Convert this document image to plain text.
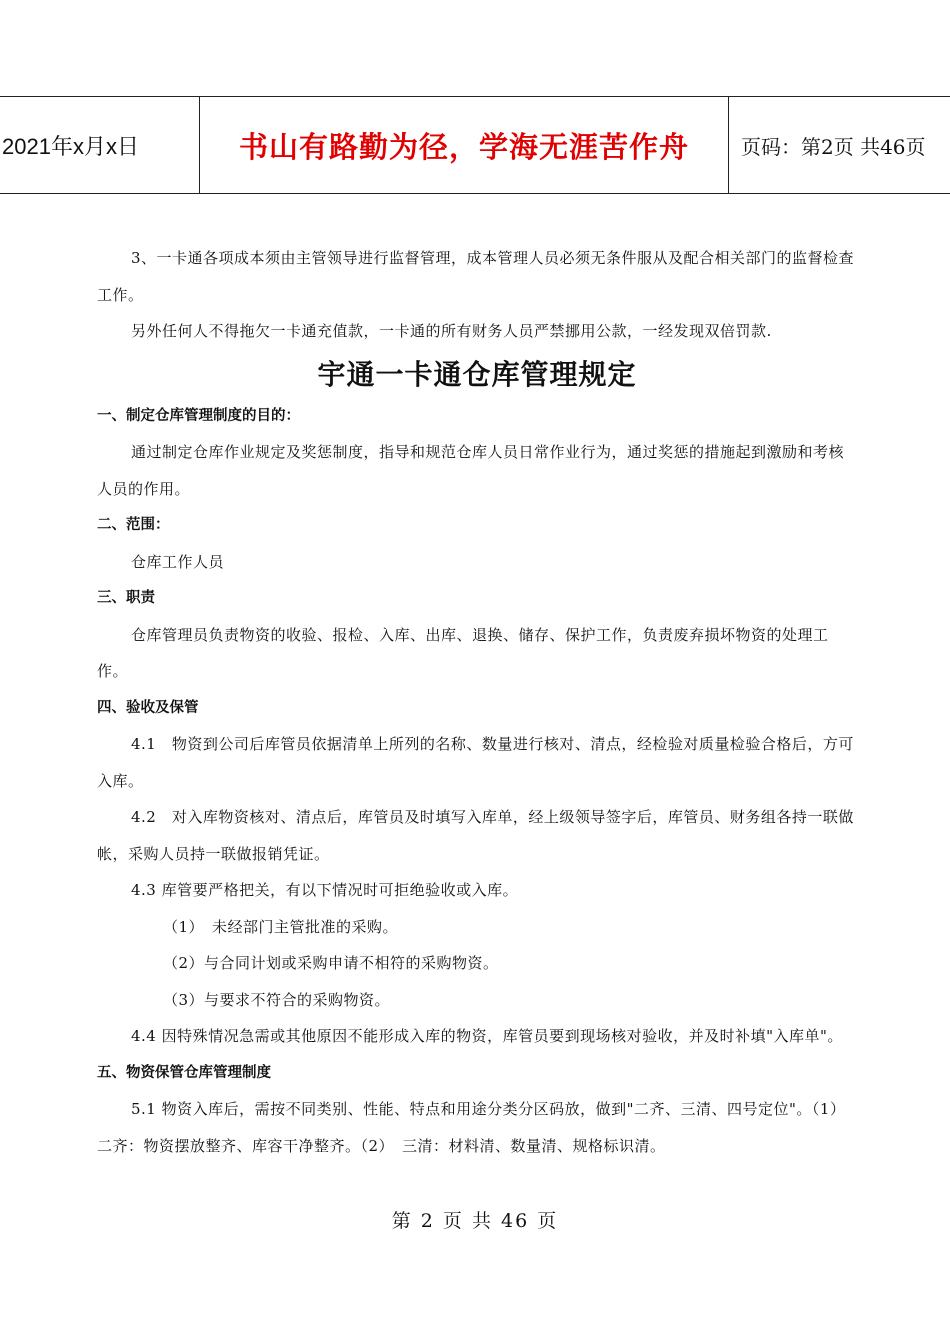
2021年x月x日	书山有路勤为径，学海无涯苦作舟	页码：第2页 共46页

3、一卡通各项成本须由主管领导进行监督管理，成本管理人员必须无条件服从及配合相关部门的监督检查工作。

另外任何人不得拖欠一卡通充值款，一卡通的所有财务人员严禁挪用公款，一经发现双倍罚款.

宇通一卡通仓库管理规定
一、制定仓库管理制度的目的：

通过制定仓库作业规定及奖惩制度，指导和规范仓库人员日常作业行为，通过奖惩的措施起到激励和考核人员的作用。

二、范围：

仓库工作人员

三、职责

仓库管理员负责物资的收验、报检、入库、出库、退换、储存、保护工作，负责废弃损坏物资的处理工作。

四、验收及保管

4.1　物资到公司后库管员依据清单上所列的名称、数量进行核对、清点，经检验对质量检验合格后，方可入库。

4.2　对入库物资核对、清点后，库管员及时填写入库单，经上级领导签字后，库管员、财务组各持一联做帐，采购人员持一联做报销凭证。

4.3 库管要严格把关，有以下情况时可拒绝验收或入库。

（1）　未经部门主管批准的采购。

（2）与合同计划或采购申请不相符的采购物资。

（3）与要求不符合的采购物资。

4.4 因特殊情况急需或其他原因不能形成入库的物资，库管员要到现场核对验收，并及时补填"入库单"。

五、物资保管仓库管理制度

5.1 物资入库后，需按不同类别、性能、特点和用途分类分区码放，做到"二齐、三清、四号定位"。（1）　二齐：物资摆放整齐、库容干净整齐。（2）　三清：材料清、数量清、规格标识清。

第 2 页 共 46 页
